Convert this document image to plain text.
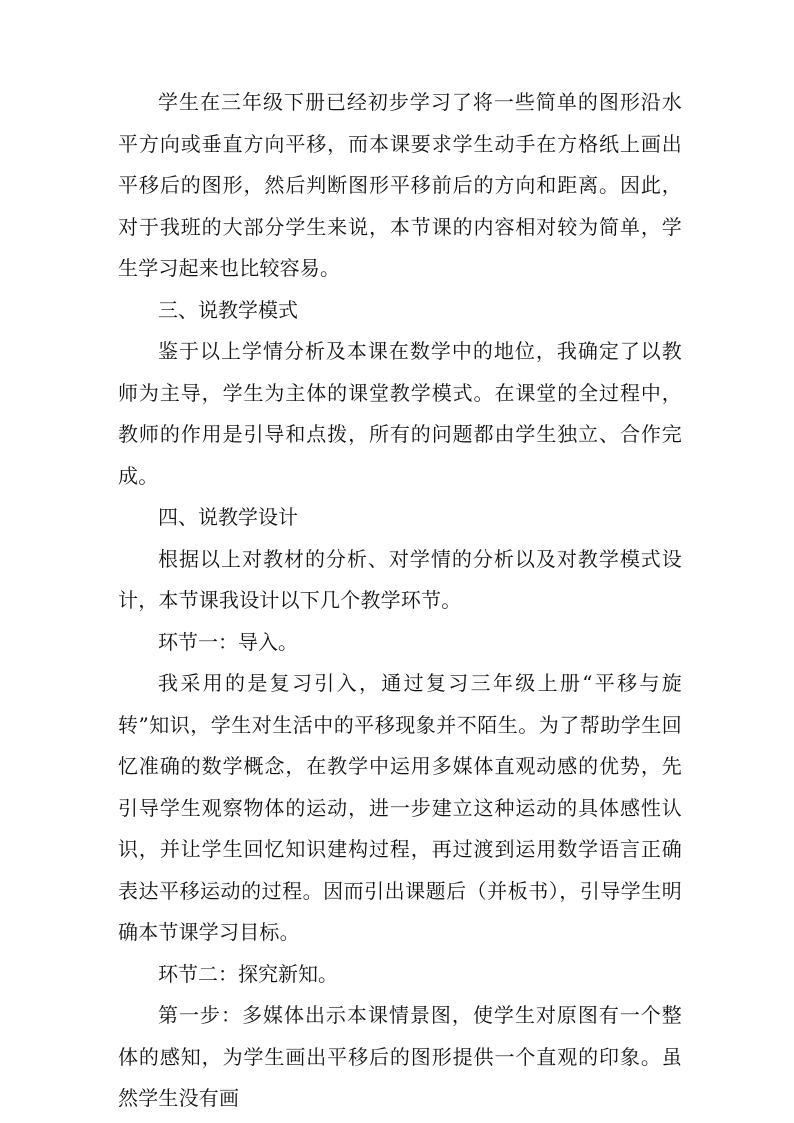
学生在三年级下册已经初步学习了将一些简单的图形沿水平方向或垂直方向平移，而本课要求学生动手在方格纸上画出平移后的图形，然后判断图形平移前后的方向和距离。因此，对于我班的大部分学生来说，本节课的内容相对较为简单，学生学习起来也比较容易。

三、说教学模式

鉴于以上学情分析及本课在数学中的地位，我确定了以教师为主导，学生为主体的课堂教学模式。在课堂的全过程中，教师的作用是引导和点拨，所有的问题都由学生独立、合作完成。

四、说教学设计

根据以上对教材的分析、对学情的分析以及对教学模式设计，本节课我设计以下几个教学环节。

环节一：导入。

我采用的是复习引入，通过复习三年级上册“平移与旋转”知识，学生对生活中的平移现象并不陌生。为了帮助学生回忆准确的数学概念，在教学中运用多媒体直观动感的优势，先引导学生观察物体的运动，进一步建立这种运动的具体感性认识，并让学生回忆知识建构过程，再过渡到运用数学语言正确表达平移运动的过程。因而引出课题后（并板书），引导学生明确本节课学习目标。

环节二：探究新知。

第一步：多媒体出示本课情景图，使学生对原图有一个整体的感知，为学生画出平移后的图形提供一个直观的印象。虽然学生没有画
